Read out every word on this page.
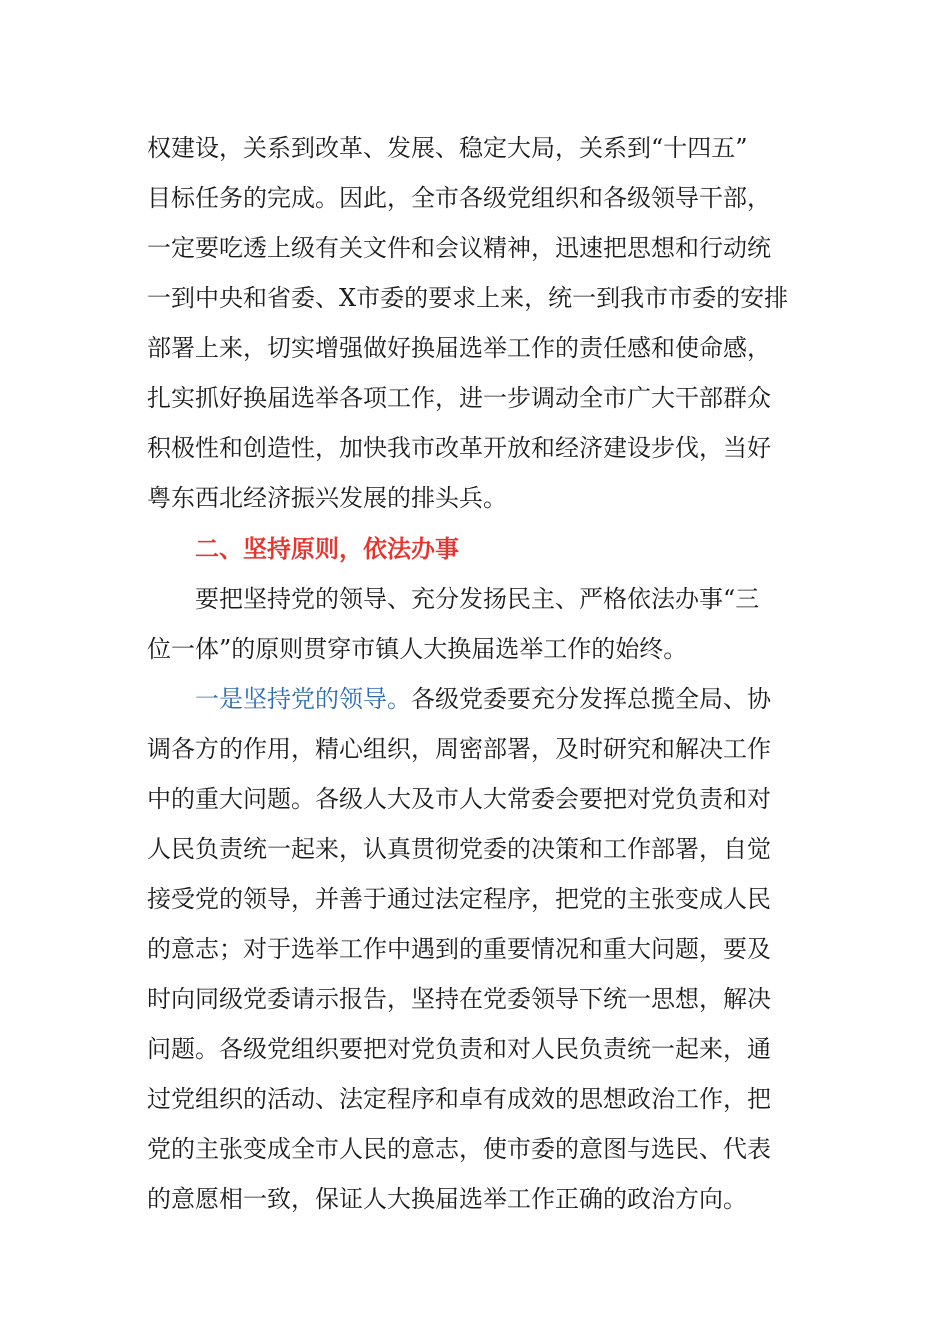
权建设，关系到改革、发展、稳定大局，关系到“十四五”
目标任务的完成。因此，全市各级党组织和各级领导干部，
一定要吃透上级有关文件和会议精神，迅速把思想和行动统
一到中央和省委、X市委的要求上来，统一到我市市委的安排
部署上来，切实增强做好换届选举工作的责任感和使命感，
扎实抓好换届选举各项工作，进一步调动全市广大干部群众
积极性和创造性，加快我市改革开放和经济建设步伐，当好
粤东西北经济振兴发展的排头兵。
二、坚持原则，依法办事
要把坚持党的领导、充分发扬民主、严格依法办事“三
位一体”的原则贯穿市镇人大换届选举工作的始终。
一是坚持党的领导。各级党委要充分发挥总揽全局、协
调各方的作用，精心组织，周密部署，及时研究和解决工作
中的重大问题。各级人大及市人大常委会要把对党负责和对
人民负责统一起来，认真贯彻党委的决策和工作部署，自觉
接受党的领导，并善于通过法定程序，把党的主张变成人民
的意志；对于选举工作中遇到的重要情况和重大问题，要及
时向同级党委请示报告，坚持在党委领导下统一思想，解决
问题。各级党组织要把对党负责和对人民负责统一起来，通
过党组织的活动、法定程序和卓有成效的思想政治工作，把
党的主张变成全市人民的意志，使市委的意图与选民、代表
的意愿相一致，保证人大换届选举工作正确的政治方向。
